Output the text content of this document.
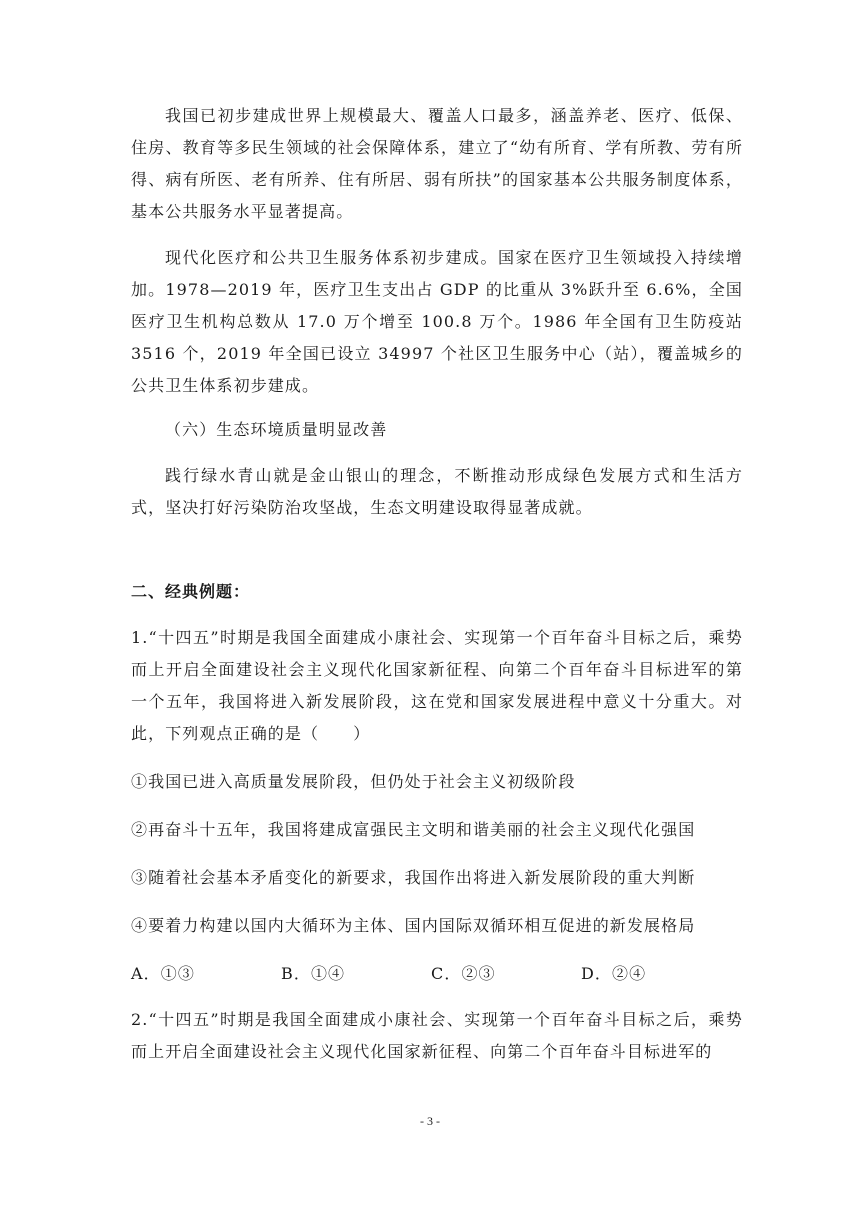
我国已初步建成世界上规模最大、覆盖人口最多，涵盖养老、医疗、低保、住房、教育等多民生领域的社会保障体系，建立了“幼有所育、学有所教、劳有所得、病有所医、老有所养、住有所居、弱有所扶”的国家基本公共服务制度体系，基本公共服务水平显著提高。

现代化医疗和公共卫生服务体系初步建成。国家在医疗卫生领域投入持续增加。1978—2019 年，医疗卫生支出占 GDP 的比重从 3%跃升至 6.6%，全国医疗卫生机构总数从 17.0 万个增至 100.8 万个。1986 年全国有卫生防疫站 3516 个，2019 年全国已设立 34997 个社区卫生服务中心（站），覆盖城乡的公共卫生体系初步建成。

（六）生态环境质量明显改善

践行绿水青山就是金山银山的理念，不断推动形成绿色发展方式和生活方式，坚决打好污染防治攻坚战，生态文明建设取得显著成就。

二、经典例题：

1.“十四五”时期是我国全面建成小康社会、实现第一个百年奋斗目标之后，乘势而上开启全面建设社会主义现代化国家新征程、向第二个百年奋斗目标进军的第一个五年，我国将进入新发展阶段，这在党和国家发展进程中意义十分重大。对此，下列观点正确的是（　　）

①我国已进入高质量发展阶段，但仍处于社会主义初级阶段

②再奋斗十五年，我国将建成富强民主文明和谐美丽的社会主义现代化强国

③随着社会基本矛盾变化的新要求，我国作出将进入新发展阶段的重大判断

④要着力构建以国内大循环为主体、国内国际双循环相互促进的新发展格局

A．①③	B．①④	C．②③	D．②④

2.“十四五”时期是我国全面建成小康社会、实现第一个百年奋斗目标之后，乘势而上开启全面建设社会主义现代化国家新征程、向第二个百年奋斗目标进军的

- 3 -
